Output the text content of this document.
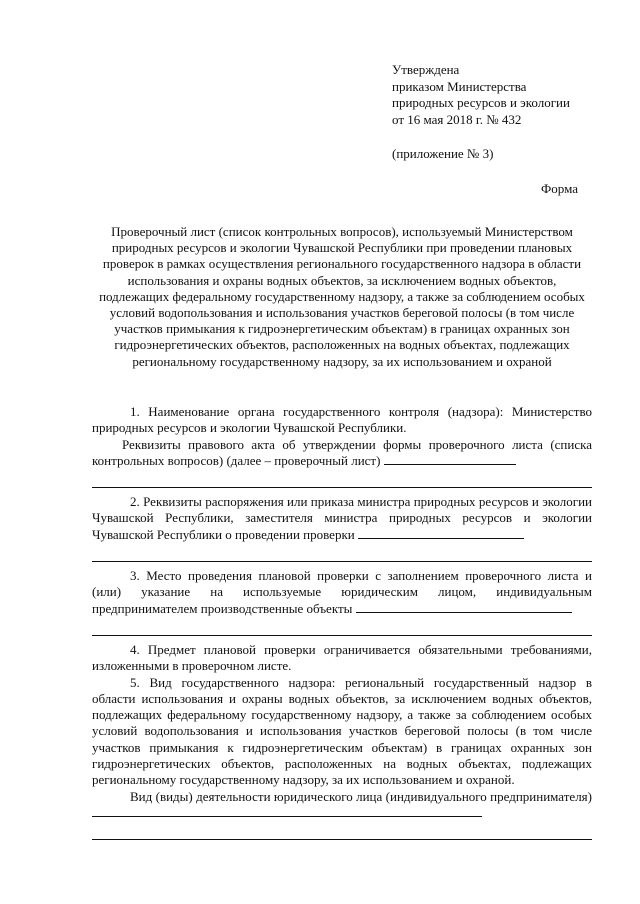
Утверждена
приказом Министерства
природных ресурсов и экологии
от 16 мая 2018 г. № 432
(приложение № 3)
Форма
Проверочный лист (список контрольных вопросов), используемый Министерством природных ресурсов и экологии Чувашской Республики при проведении плановых проверок в рамках осуществления регионального государственного надзора в области использования и охраны водных объектов, за исключением водных объектов, подлежащих федеральному государственному надзору, а также за соблюдением особых условий водопользования и использования участков береговой полосы (в том числе участков примыкания к гидроэнергетическим объектам) в границах охранных зон гидроэнергетических объектов, расположенных на водных объектах, подлежащих региональному государственному надзору, за их использованием и охраной

1. Наименование органа государственного контроля (надзора): Министерство природных ресурсов и экологии Чувашской Республики.

Реквизиты правового акта об утверждении формы проверочного листа (списка контрольных вопросов) (далее – проверочный лист)

2. Реквизиты распоряжения или приказа министра природных ресурсов и экологии Чувашской Республики, заместителя министра природных ресурсов и экологии Чувашской Республики о проведении проверки

3. Место проведения плановой проверки с заполнением проверочного листа и (или) указание на используемые юридическим лицом, индивидуальным предпринимателем производственные объекты

4. Предмет плановой проверки ограничивается обязательными требованиями, изложенными в проверочном листе.

5. Вид государственного надзора: региональный государственный надзор в области использования и охраны водных объектов, за исключением водных объектов, подлежащих федеральному государственному надзору, а также за соблюдением особых условий водопользования и использования участков береговой полосы (в том числе участков примыкания к гидроэнергетическим объектам) в границах охранных зон гидроэнергетических объектов, расположенных на водных объектах, подлежащих региональному государственному надзору, за их использованием и охраной.

Вид (виды) деятельности юридического лица (индивидуального предпринимателя)
